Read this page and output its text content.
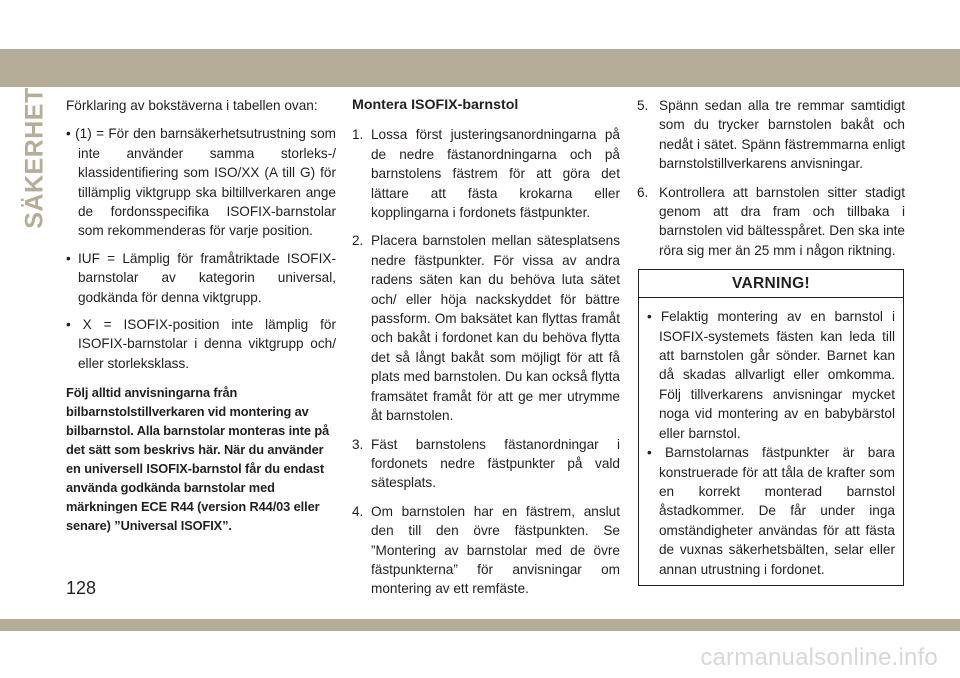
SÄKERHET Förklaring av bokstäverna i tabellen ovan:

• (1) = För den barnsäkerhetsutrustning som inte använder samma storleks-/ klassidentifiering som ISO/XX (A till G) för tillämplig viktgrupp ska biltillverkaren ange de fordonsspecifika ISOFIX-barnstolar som rekommenderas för varje position.

• IUF = Lämplig för framåtriktade ISOFIX-barnstolar av kategorin universal, godkända för denna viktgrupp.

• X = ISOFIX-position inte lämplig för ISOFIX-barnstolar i denna viktgrupp och/ eller storleksklass.

Följ alltid anvisningarna från bilbarnstolstillverkaren vid montering av bilbarnstol. Alla barnstolar monteras inte på det sätt som beskrivs här. När du använder en universell ISOFIX-barnstol får du endast använda godkända barnstolar med märkningen ECE R44 (version R44/03 eller senare) ”Universal ISOFIX”.

Montera ISOFIX-barnstol

1. Lossa först justeringsanordningarna på de nedre fästanordningarna och på barnstolens fästrem för att göra det lättare att fästa krokarna eller kopplingarna i fordonets fästpunkter.
2. Placera barnstolen mellan sätesplatsens nedre fästpunkter. För vissa av andra radens säten kan du behöva luta sätet och/ eller höja nackskyddet för bättre passform. Om baksätet kan flyttas framåt och bakåt i fordonet kan du behöva flytta det så långt bakåt som möjligt för att få plats med barnstolen. Du kan också flytta framsätet framåt för att ge mer utrymme åt barnstolen.
3. Fäst barnstolens fästanordningar i fordonets nedre fästpunkter på vald sätesplats.
4. Om barnstolen har en fästrem, anslut den till den övre fästpunkten. Se ”Montering av barnstolar med de övre fästpunkterna” för anvisningar om montering av ett remfäste.
5. Spänn sedan alla tre remmar samtidigt som du trycker barnstolen bakåt och nedåt i sätet. Spänn fästremmarna enligt barnstolstillverkarens anvisningar.
6. Kontrollera att barnstolen sitter stadigt genom att dra fram och tillbaka i barnstolen vid bältesspåret. Den ska inte röra sig mer än 25 mm i någon riktning.
VARNING!

• Felaktig montering av en barnstol i ISOFIX-systemets fästen kan leda till att barnstolen går sönder. Barnet kan då skadas allvarligt eller omkomma. Följ tillverkarens anvisningar mycket noga vid montering av en babybärstol eller barnstol.

• Barnstolarnas fästpunkter är bara konstruerade för att tåla de krafter som en korrekt monterad barnstol åstadkommer. De får under inga omständigheter användas för att fästa de vuxnas säkerhetsbälten, selar eller annan utrustning i fordonet.

128
carmanualsonline.info
